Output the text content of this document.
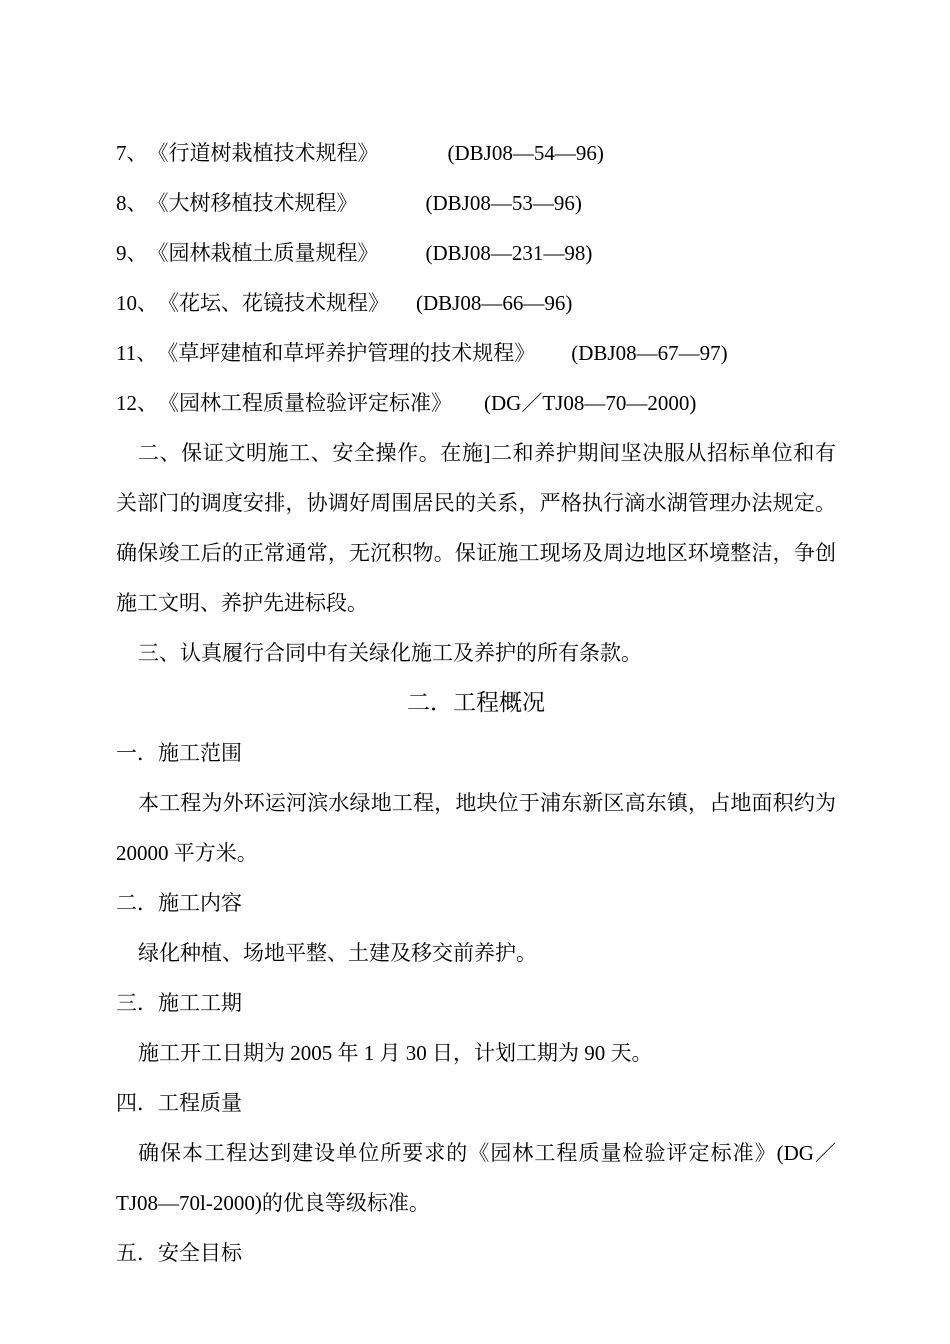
7、 《行道树栽植技术规程》	(DBJ08—54—96)
8、 《大树移植技术规程》	(DBJ08—53—96)
9、 《园林栽植土质量规程》	(DBJ08—231—98)
10、 《花坛、花镜技术规程》	(DBJ08—66—96)
11、 《草坪建植和草坪养护管理的技术规程》	(DBJ08—67—97)
12、 《园林工程质量检验评定标准》	(DG／TJ08—70—2000)
二、保证文明施工、安全操作。在施]二和养护期间坚决服从招标单位和有关部门的调度安排，协调好周围居民的关系，严格执行滴水湖管理办法规定。确保竣工后的正常通常，无沉积物。保证施工现场及周边地区环境整洁，争创施工文明、养护先进标段。
三、认真履行合同中有关绿化施工及养护的所有条款。
二．工程概况
一．施工范围
本工程为外环运河滨水绿地工程，地块位于浦东新区高东镇，占地面积约为 20000 平方米。
二．施工内容
绿化种植、场地平整、土建及移交前养护。
三．施工工期
施工开工日期为 2005 年 1 月 30 日，计划工期为 90 天。
四．工程质量
确保本工程达到建设单位所要求的《园林工程质量检验评定标准》(DG／TJ08—70l-2000)的优良等级标准。
五．安全目标
